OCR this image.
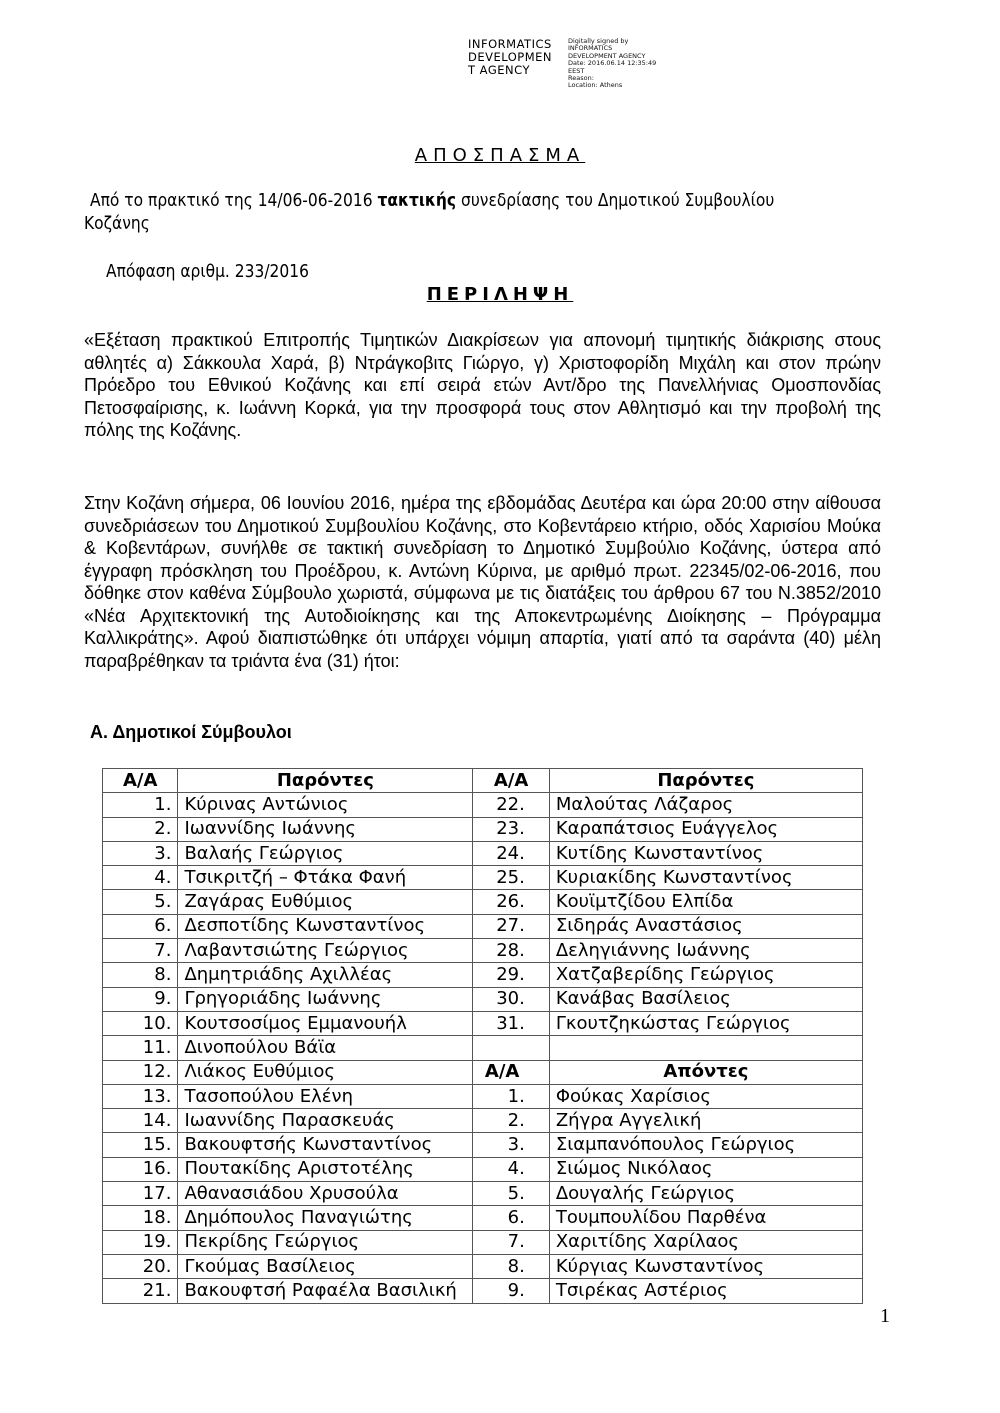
INFORMATICS
DEVELOPMEN
T AGENCY
Digitally signed by
INFORMATICS
DEVELOPMENT AGENCY
Date: 2016.06.14 12:35:49
EEST
Reason:
Location: Athens
ΑΠΟΣΠΑΣΜΑ
Από το πρακτικό της 14/06-06-2016 τακτικής συνεδρίασης του Δημοτικού Συμβουλίου
Κοζάνης
Απόφαση αριθμ. 233/2016
ΠΕΡΙΛΗΨΗ

«Εξέταση πρακτικού Επιτροπής Τιμητικών Διακρίσεων για απονομή τιμητικής διάκρισης στους αθλητές α) Σάκκουλα Χαρά, β) Ντράγκοβιτς Γιώργο, γ) Χριστοφορίδη Μιχάλη και στον πρώην Πρόεδρο του Εθνικού Κοζάνης και επί σειρά ετών Αντ/δρο της Πανελλήνιας Ομοσπονδίας Πετοσφαίρισης, κ. Ιωάννη Κορκά, για την προσφορά τους στον Αθλητισμό και την προβολή της πόλης της Κοζάνης.

Στην Κοζάνη σήμερα, 06 Ιουνίου 2016, ημέρα της εβδομάδας Δευτέρα και ώρα 20:00 στην αίθουσα συνεδριάσεων του Δημοτικού Συμβουλίου Κοζάνης, στο Κοβεντάρειο κτήριο, οδός Χαρισίου Μούκα & Κοβεντάρων, συνήλθε σε τακτική συνεδρίαση το Δημοτικό Συμβούλιο Κοζάνης, ύστερα από έγγραφη πρόσκληση του Προέδρου, κ. Αντώνη Κύρινα, με αριθμό πρωτ. 22345/02-06-2016, που δόθηκε στον καθένα Σύμβουλο χωριστά, σύμφωνα με τις διατάξεις του άρθρου 67 του Ν.3852/2010 «Νέα Αρχιτεκτονική της Αυτοδιοίκησης και της Αποκεντρωμένης Διοίκησης – Πρόγραμμα Καλλικράτης». Αφού διαπιστώθηκε ότι υπάρχει νόμιμη απαρτία, γιατί από τα σαράντα (40) μέλη παραβρέθηκαν τα τριάντα ένα (31) ήτοι:

Α. Δημοτικοί Σύμβουλοι
Α/Α	Παρόντες	Α/Α	Παρόντες
1.	Κύρινας Αντώνιος	22.	Μαλούτας Λάζαρος
2.	Ιωαννίδης Ιωάννης	23.	Καραπάτσιος Ευάγγελος
3.	Βαλαής Γεώργιος	24.	Κυτίδης Κωνσταντίνος
4.	Τσικριτζή – Φτάκα Φανή	25.	Κυριακίδης Κωνσταντίνος
5.	Ζαγάρας Ευθύμιος	26.	Κουϊμτζίδου Ελπίδα
6.	Δεσποτίδης Κωνσταντίνος	27.	Σιδηράς Αναστάσιος
7.	Λαβαντσιώτης Γεώργιος	28.	Δεληγιάννης Ιωάννης
8.	Δημητριάδης Αχιλλέας	29.	Χατζαβερίδης Γεώργιος
9.	Γρηγοριάδης Ιωάννης	30.	Κανάβας Βασίλειος
10.	Κουτσοσίμος Εμμανουήλ	31.	Γκουτζηκώστας Γεώργιος
11.	Δινοπούλου Βάϊα		
12.	Λιάκος Ευθύμιος	Α/Α	Απόντες
13.	Τασοπούλου Ελένη	1.	Φούκας Χαρίσιος
14.	Ιωαννίδης Παρασκευάς	2.	Ζήγρα Αγγελική
15.	Βακουφτσής Κωνσταντίνος	3.	Σιαμπανόπουλος Γεώργιος
16.	Πουτακίδης Αριστοτέλης	4.	Σιώμος Νικόλαος
17.	Αθανασιάδου Χρυσούλα	5.	Δουγαλής Γεώργιος
18.	Δημόπουλος Παναγιώτης	6.	Τουμπουλίδου Παρθένα
19.	Πεκρίδης Γεώργιος	7.	Χαριτίδης Χαρίλαος
20.	Γκούμας Βασίλειος	8.	Κύργιας Κωνσταντίνος
21.	Βακουφτσή Ραφαέλα Βασιλική	9.	Τσιρέκας Αστέριος
1
